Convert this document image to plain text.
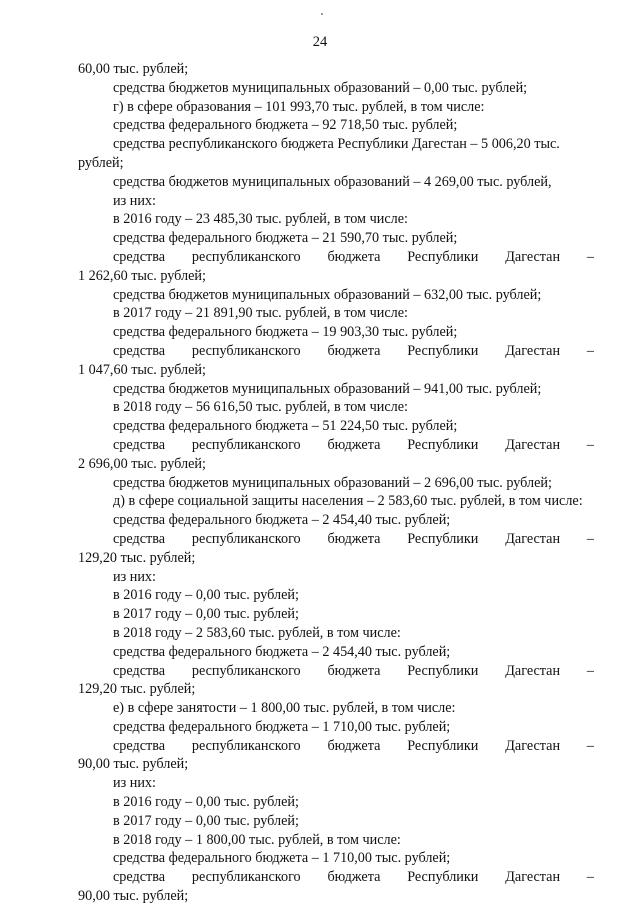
24
60,00 тыс. рублей;
средства бюджетов муниципальных образований – 0,00 тыс. рублей;
г) в сфере образования – 101 993,70 тыс. рублей, в том числе:
средства федерального бюджета – 92 718,50 тыс. рублей;
средства республиканского бюджета Республики Дагестан – 5 006,20 тыс.
рублей;
средства бюджетов муниципальных образований – 4 269,00 тыс. рублей,
из них:
в 2016 году – 23 485,30 тыс. рублей, в том числе:
средства федерального бюджета – 21 590,70 тыс. рублей;
средства республиканского бюджета Республики Дагестан –
1 262,60 тыс. рублей;
средства бюджетов муниципальных образований – 632,00 тыс. рублей;
в 2017 году – 21 891,90 тыс. рублей, в том числе:
средства федерального бюджета – 19 903,30 тыс. рублей;
средства республиканского бюджета Республики Дагестан –
1 047,60 тыс. рублей;
средства бюджетов муниципальных образований – 941,00 тыс. рублей;
в 2018 году – 56 616,50 тыс. рублей, в том числе:
средства федерального бюджета – 51 224,50 тыс. рублей;
средства республиканского бюджета Республики Дагестан –
2 696,00 тыс. рублей;
средства бюджетов муниципальных образований – 2 696,00 тыс. рублей;
д) в сфере социальной защиты населения – 2 583,60 тыс. рублей, в том числе:
средства федерального бюджета – 2 454,40 тыс. рублей;
средства республиканского бюджета Республики Дагестан –
129,20 тыс. рублей;
из них:
в 2016 году – 0,00 тыс. рублей;
в 2017 году – 0,00 тыс. рублей;
в 2018 году – 2 583,60 тыс. рублей, в том числе:
средства федерального бюджета – 2 454,40 тыс. рублей;
средства республиканского бюджета Республики Дагестан –
129,20 тыс. рублей;
е) в сфере занятости – 1 800,00 тыс. рублей, в том числе:
средства федерального бюджета – 1 710,00 тыс. рублей;
средства республиканского бюджета Республики Дагестан –
90,00 тыс. рублей;
из них:
в 2016 году – 0,00 тыс. рублей;
в 2017 году – 0,00 тыс. рублей;
в 2018 году – 1 800,00 тыс. рублей, в том числе:
средства федерального бюджета – 1 710,00 тыс. рублей;
средства республиканского бюджета Республики Дагестан –
90,00 тыс. рублей;
